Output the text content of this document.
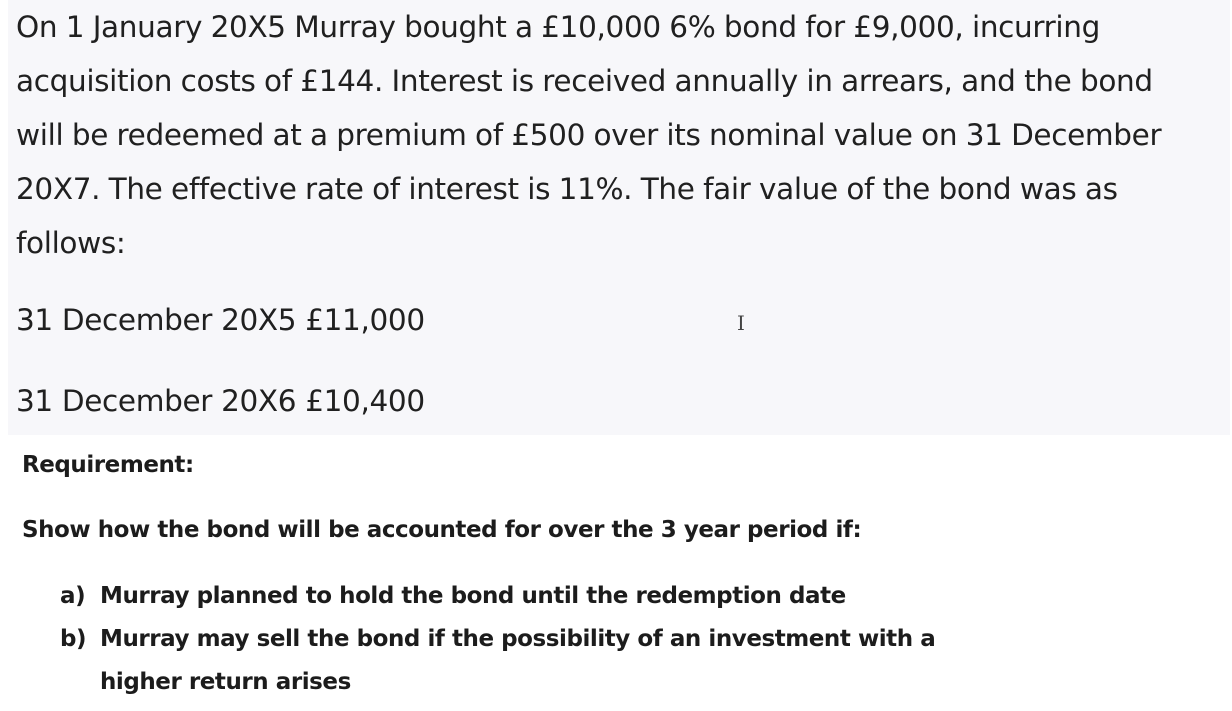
On 1 January 20X5 Murray bought a £10,000 6% bond for £9,000, incurring
acquisition costs of £144. Interest is received annually in arrears, and the bond
will be redeemed at a premium of £500 over its nominal value on 31 December
20X7. The effective rate of interest is 11%. The fair value of the bond was as
follows:
31 December 20X5 £11,000
31 December 20X6 £10,400
I
Requirement:
Show how the bond will be accounted for over the 3 year period if:
a) Murray planned to hold the bond until the redemption date
b) Murray may sell the bond if the possibility of an investment with a
higher return arises
